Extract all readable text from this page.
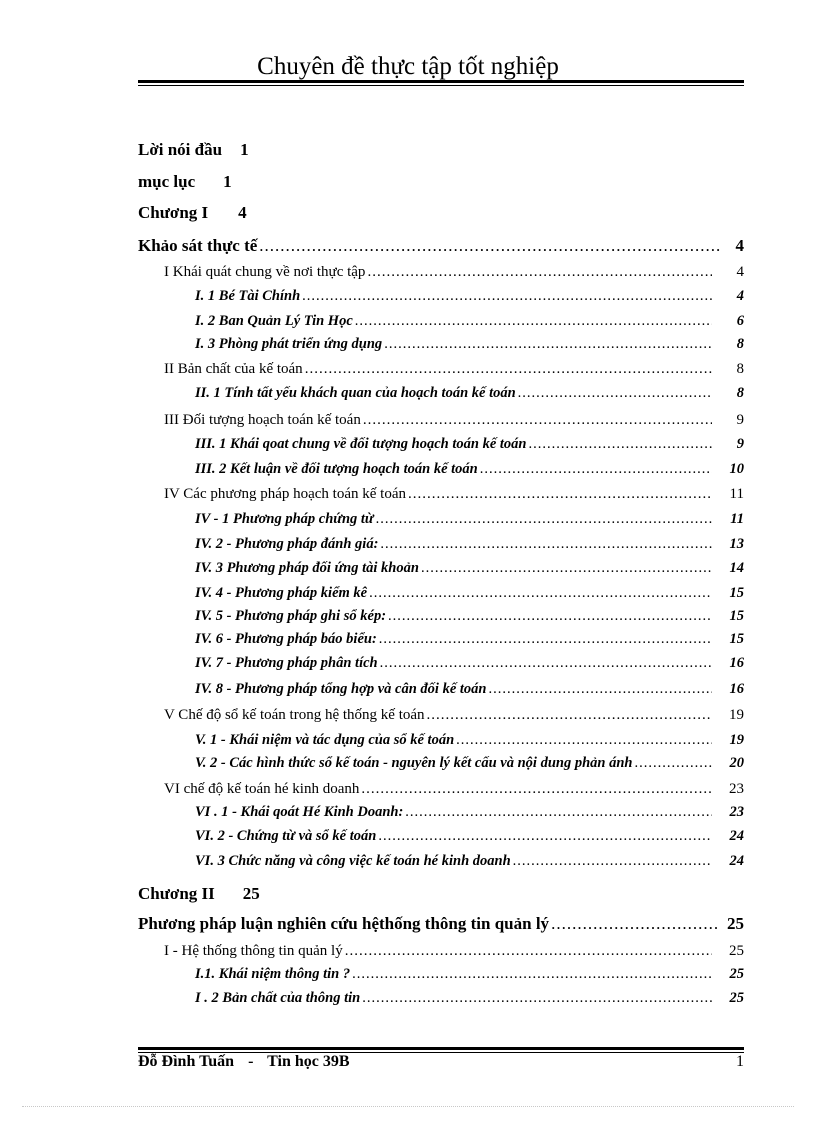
Chuyên đề thực tập tốt nghiệp
Lời nói đầu 1
mục lục 1
Chương I 4
Khảo sát thực tế .....	4
I Khái quát chung về nơi thực tập .....	4
I. 1 Bé Tài Chính .....	4
I. 2 Ban Quản Lý Tin Học .....	6
I. 3 Phòng phát triển ứng dụng .....	8
II Bản chất của kế toán .....	8
II. 1 Tính tất yếu khách quan của hoạch toán kế toán .....	8
III Đối tượng hoạch toán kế toán .....	9
III. 1 Khái qoat chung về đối tượng hoạch toán kế toán .....	9
III. 2 Kết luận về đối tượng hoạch toán kế toán .....	10
IV Các phương pháp hoạch toán kế toán .....	11
IV - 1 Phương pháp chứng từ .....	11
IV. 2 - Phương pháp đánh giá: .....	13
IV. 3 Phương pháp đối ứng tài khoản .....	14
IV. 4 - Phương pháp kiểm kê .....	15
IV. 5 - Phương pháp ghi sổ kép: .....	15
IV. 6 - Phương pháp báo biểu: .....	15
IV. 7 - Phương pháp phân tích .....	16
IV. 8 - Phương pháp tổng hợp và cân đối kế toán .....	16
V Chế độ sổ kế toán trong hệ thống kế toán .....	19
V. 1 - Khái niệm và tác dụng của sổ kế toán .....	19
V. 2 - Các hình thức sổ kế toán - nguyên lý kết cấu và nội dung phản ánh .....	20
VI chế độ kế toán hé kinh doanh .....	23
VI . 1 - Khái qoát Hé Kinh Doanh: .....	23
VI. 2 - Chứng từ và sổ kế toán .....	24
VI. 3 Chức năng và công việc kế toán hé kinh doanh .....	24
Chương II 25
Phương pháp luận nghiên cứu hệthống thông tin quản lý .....	25
I - Hệ thống thông tin quản lý .....	25
I.1. Khái niệm thông tin ? .....	25
I . 2 Bản chất của thông tin .....	25
Đỗ Đình Tuấn - Tin học 39B	1
